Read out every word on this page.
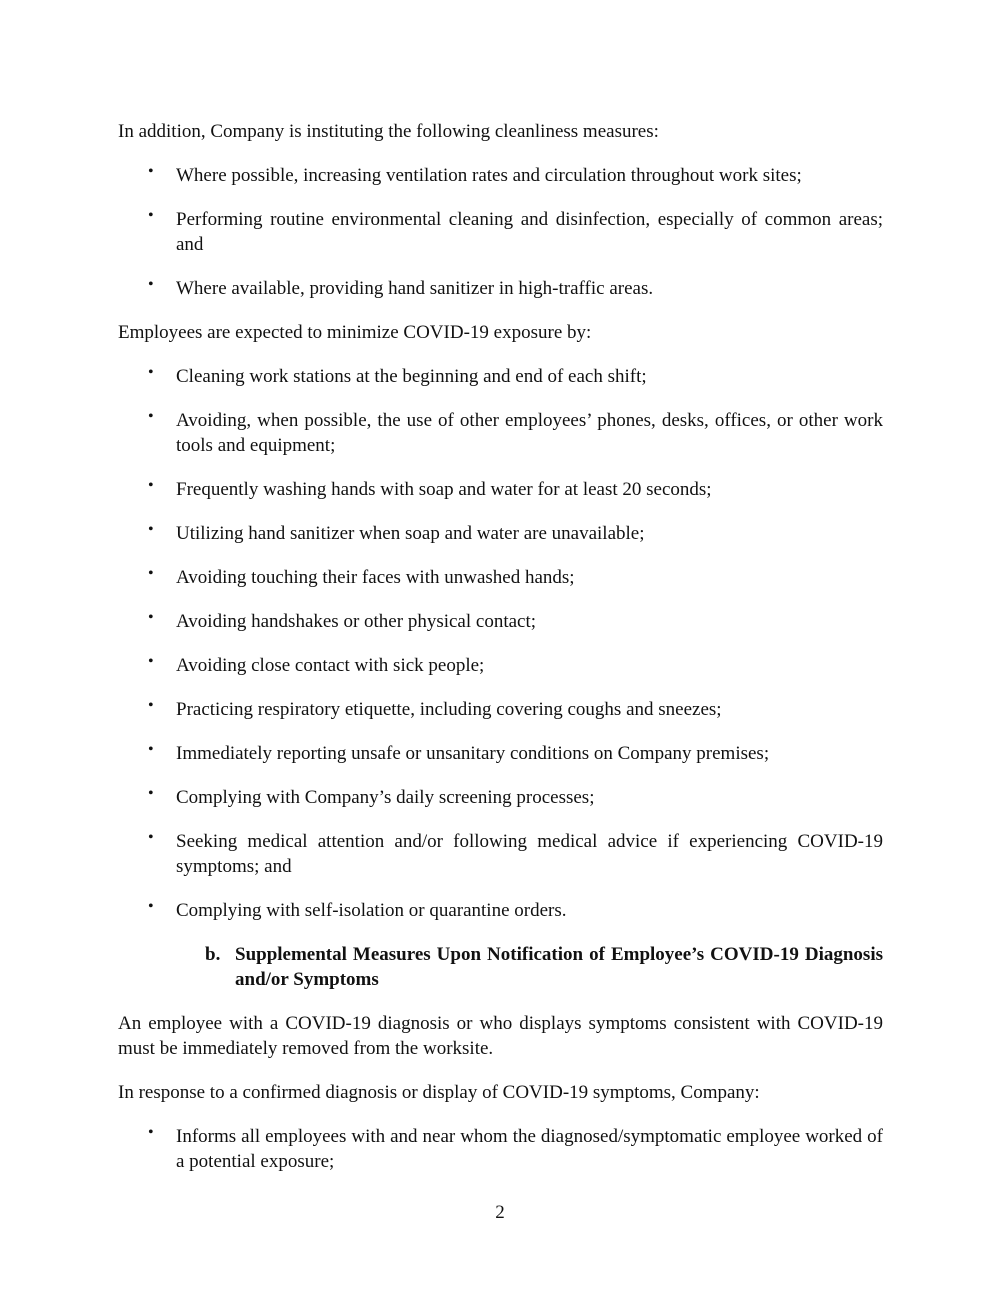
In addition, Company is instituting the following cleanliness measures:

• Where possible, increasing ventilation rates and circulation throughout work sites;
• Performing routine environmental cleaning and disinfection, especially of common areas; and
• Where available, providing hand sanitizer in high-traffic areas.

Employees are expected to minimize COVID-19 exposure by:

• Cleaning work stations at the beginning and end of each shift;
• Avoiding, when possible, the use of other employees’ phones, desks, offices, or other work tools and equipment;
• Frequently washing hands with soap and water for at least 20 seconds;
• Utilizing hand sanitizer when soap and water are unavailable;
• Avoiding touching their faces with unwashed hands;
• Avoiding handshakes or other physical contact;
• Avoiding close contact with sick people;
• Practicing respiratory etiquette, including covering coughs and sneezes;
• Immediately reporting unsafe or unsanitary conditions on Company premises;
• Complying with Company’s daily screening processes;
• Seeking medical attention and/or following medical advice if experiencing COVID-19 symptoms; and
• Complying with self-isolation or quarantine orders.
b. Supplemental Measures Upon Notification of Employee’s COVID-19 Diagnosis and/or Symptoms

An employee with a COVID-19 diagnosis or who displays symptoms consistent with COVID-19 must be immediately removed from the worksite.

In response to a confirmed diagnosis or display of COVID-19 symptoms, Company:

• Informs all employees with and near whom the diagnosed/symptomatic employee worked of a potential exposure;
2
